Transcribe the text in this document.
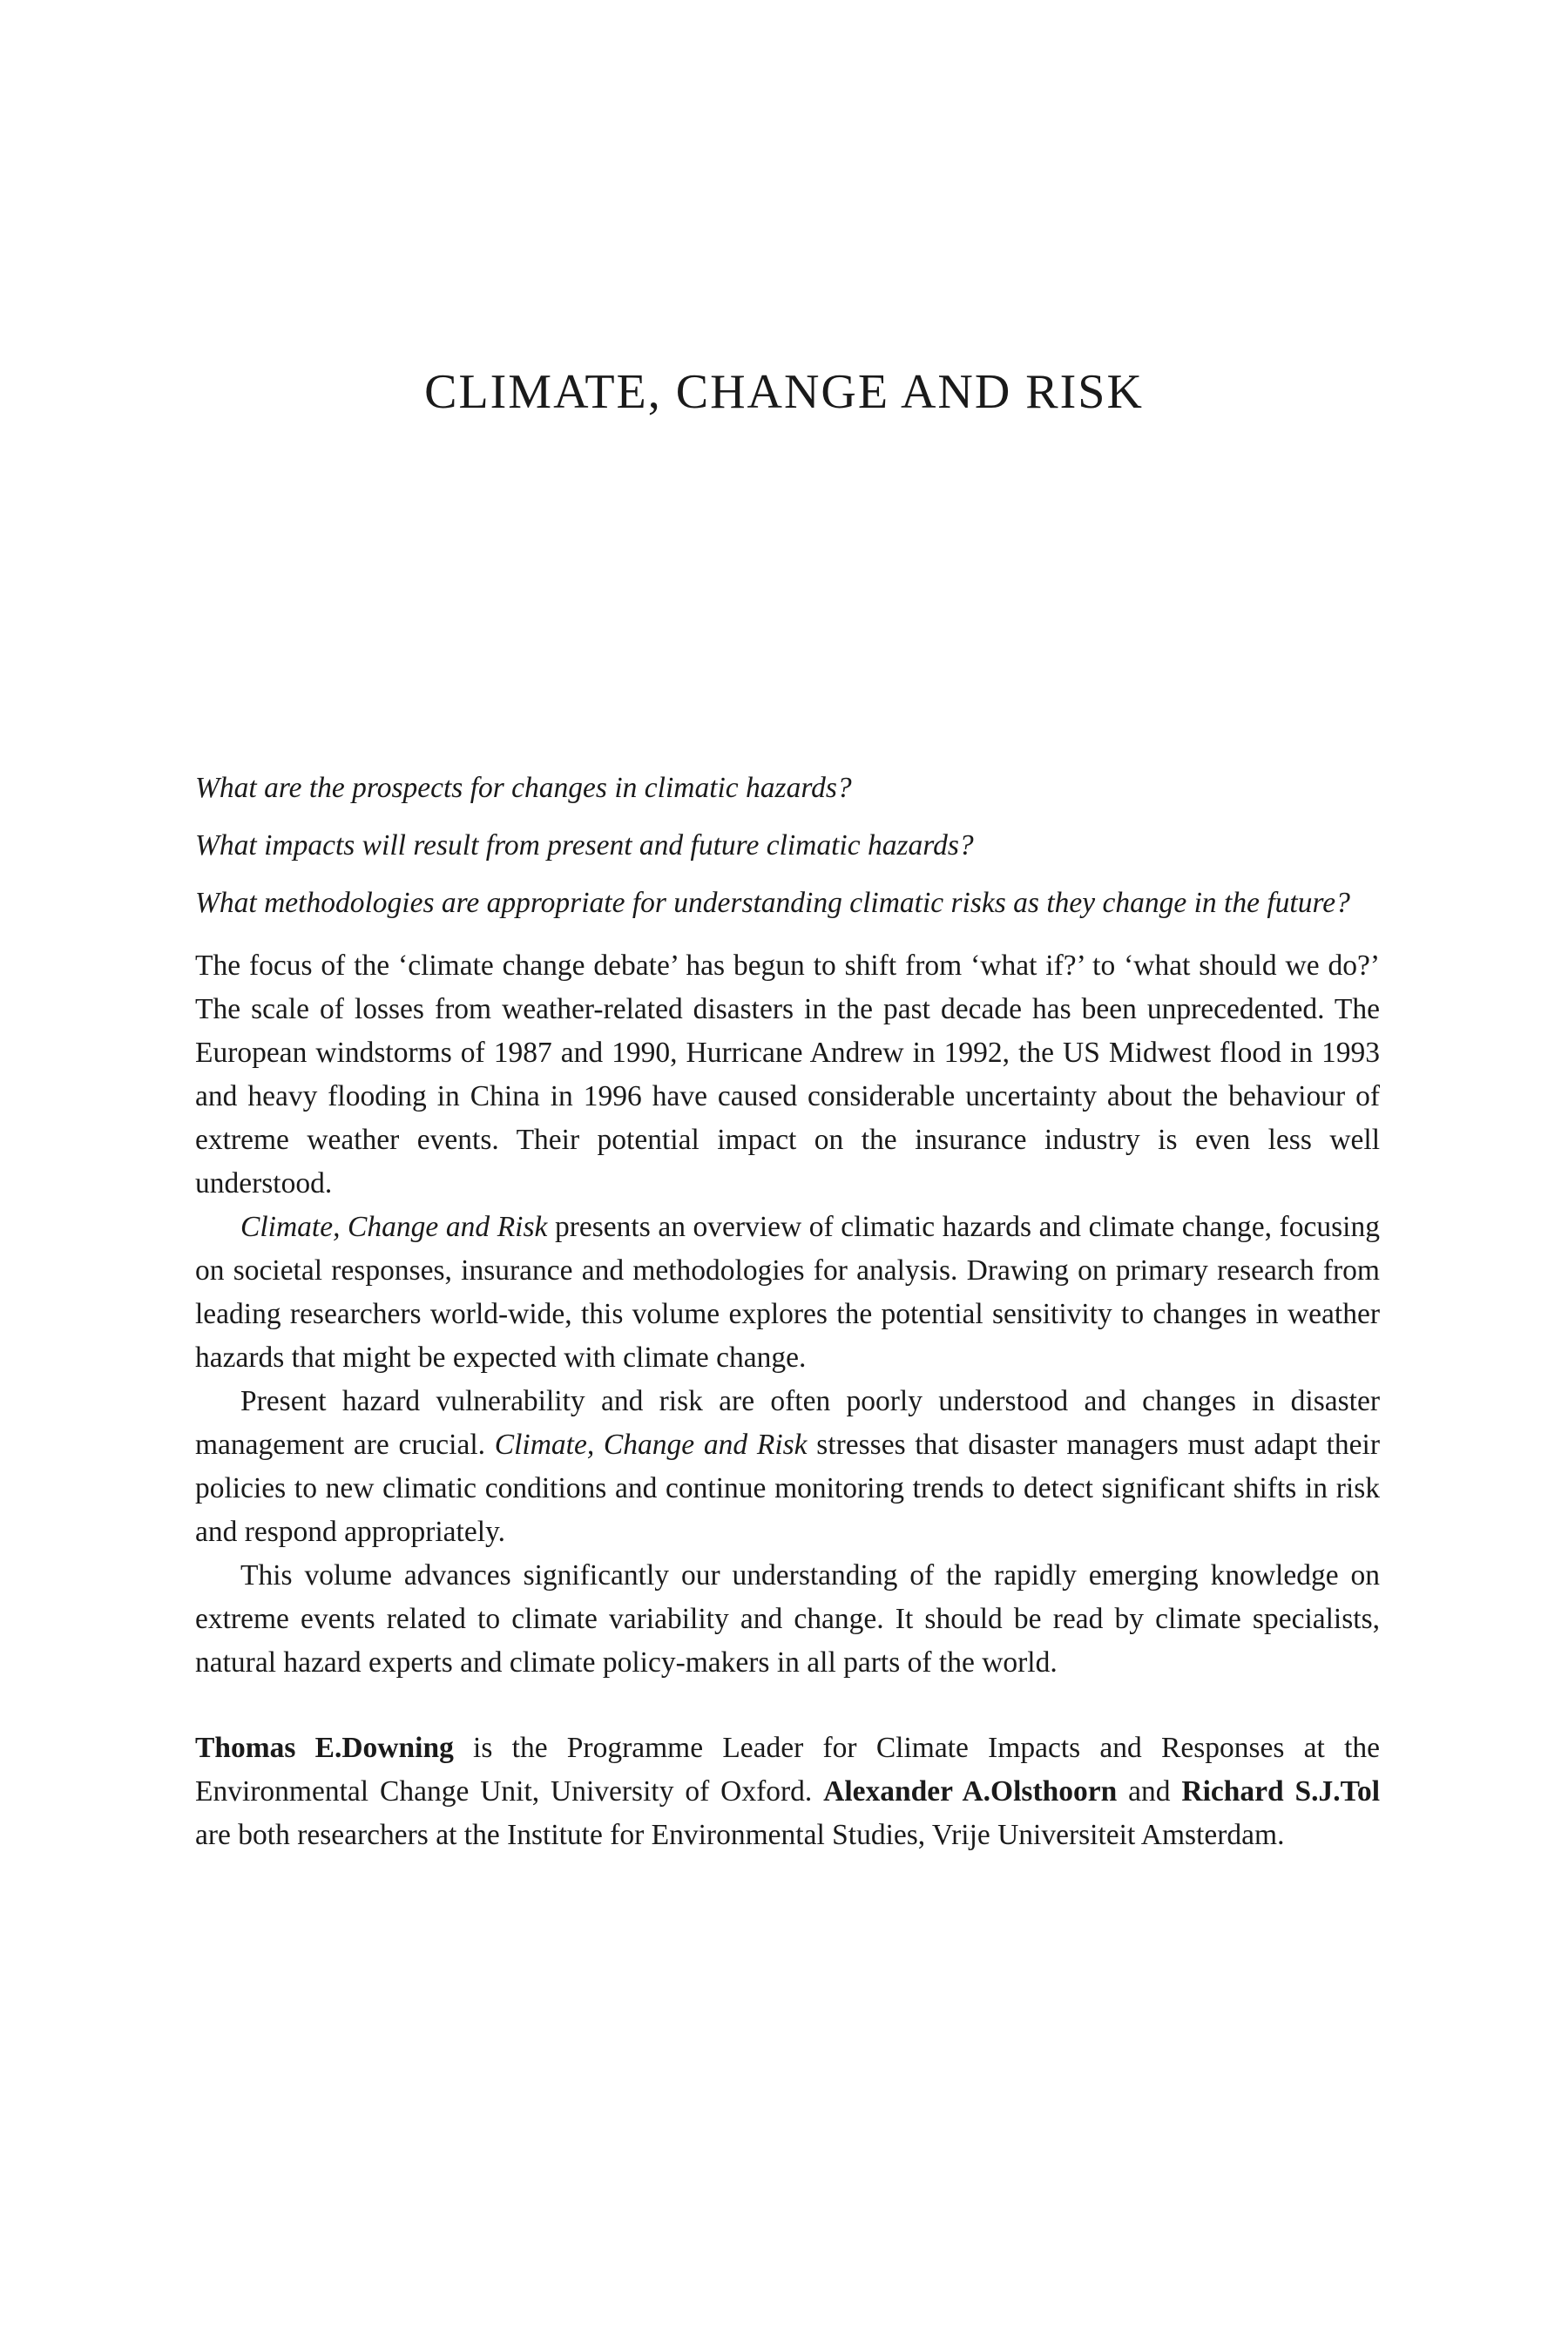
CLIMATE, CHANGE AND RISK

What are the prospects for changes in climatic hazards?

What impacts will result from present and future climatic hazards?

What methodologies are appropriate for understanding climatic risks as they change in the future?

The focus of the ‘climate change debate’ has begun to shift from ‘what if?’ to ‘what should we do?’ The scale of losses from weather-related disasters in the past decade has been unprecedented. The European windstorms of 1987 and 1990, Hurricane Andrew in 1992, the US Midwest flood in 1993 and heavy flooding in China in 1996 have caused considerable uncertainty about the behaviour of extreme weather events. Their potential impact on the insurance industry is even less well understood.

Climate, Change and Risk presents an overview of climatic hazards and climate change, focusing on societal responses, insurance and methodologies for analysis. Drawing on primary research from leading researchers world-wide, this volume explores the potential sensitivity to changes in weather hazards that might be expected with climate change.

Present hazard vulnerability and risk are often poorly understood and changes in disaster management are crucial. Climate, Change and Risk stresses that disaster managers must adapt their policies to new climatic conditions and continue monitoring trends to detect significant shifts in risk and respond appropriately.

This volume advances significantly our understanding of the rapidly emerging knowledge on extreme events related to climate variability and change. It should be read by climate specialists, natural hazard experts and climate policy-makers in all parts of the world.

Thomas E.Downing is the Programme Leader for Climate Impacts and Responses at the Environmental Change Unit, University of Oxford. Alexander A.Olsthoorn and Richard S.J.Tol are both researchers at the Institute for Environmental Studies, Vrije Universiteit Amsterdam.
